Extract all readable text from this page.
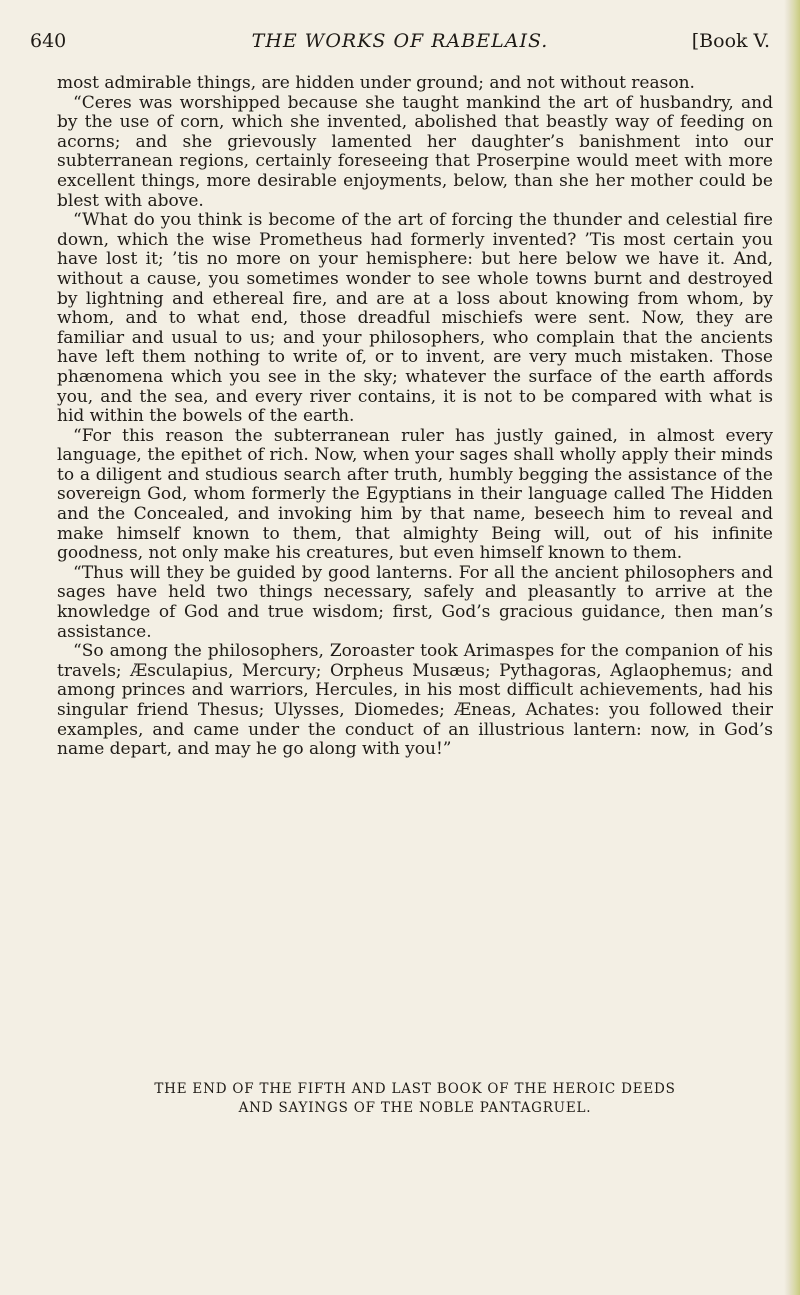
640	THE WORKS OF RABELAIS.	[Book V.

most admirable things, are hidden under ground; and not without reason.

“Ceres was worshipped because she taught mankind the art of husbandry, and by the use of corn, which she invented, abolished that beastly way of feeding on acorns; and she grievously lamented her daughter’s banishment into our subterranean regions, certainly foreseeing that Proserpine would meet with more excellent things, more desirable enjoyments, below, than she her mother could be blest with above.

“What do you think is become of the art of forcing the thunder and celestial fire down, which the wise Prometheus had formerly invented? ’Tis most certain you have lost it; ’tis no more on your hemisphere: but here below we have it. And, without a cause, you sometimes wonder to see whole towns burnt and destroyed by lightning and ethereal fire, and are at a loss about knowing from whom, by whom, and to what end, those dreadful mischiefs were sent. Now, they are familiar and usual to us; and your philosophers, who complain that the ancients have left them nothing to write of, or to invent, are very much mistaken. Those phænomena which you see in the sky; whatever the surface of the earth affords you, and the sea, and every river contains, it is not to be compared with what is hid within the bowels of the earth.

“For this reason the subterranean ruler has justly gained, in almost every language, the epithet of rich. Now, when your sages shall wholly apply their minds to a diligent and studious search after truth, humbly begging the assistance of the sovereign God, whom formerly the Egyptians in their language called The Hidden and the Concealed, and invoking him by that name, beseech him to reveal and make himself known to them, that almighty Being will, out of his infinite goodness, not only make his creatures, but even himself known to them.

“Thus will they be guided by good lanterns. For all the ancient philosophers and sages have held two things necessary, safely and pleasantly to arrive at the knowledge of God and true wisdom; first, God’s gracious guidance, then man’s assistance.

“So among the philosophers, Zoroaster took Arimaspes for the companion of his travels; Æsculapius, Mercury; Orpheus Musæus; Pythagoras, Aglaophemus; and among princes and warriors, Hercules, in his most difficult achievements, had his singular friend Thesus; Ulysses, Diomedes; Æneas, Achates: you followed their examples, and came under the conduct of an illustrious lantern: now, in God’s name depart, and may he go along with you!”

THE END OF THE FIFTH AND LAST BOOK OF THE HEROIC DEEDS
AND SAYINGS OF THE NOBLE PANTAGRUEL.
